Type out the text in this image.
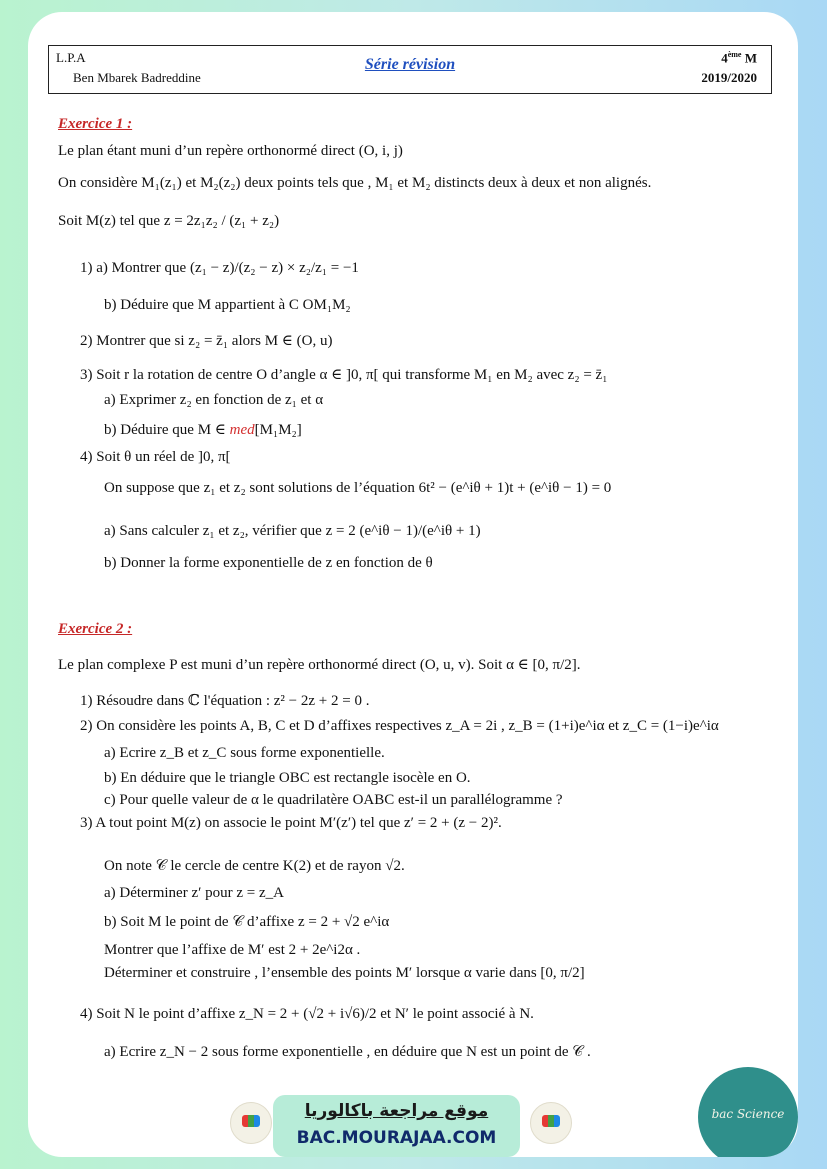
L.P.A
Ben Mbarek Badreddine
Série révision	4ème M
2019/2020
Exercice 1 :
Le plan étant muni d’un repère orthonormé direct (O, i, j)
On considère M₁(z₁) et M₂(z₂) deux points tels que , M₁ et M₂ distincts deux à deux et non alignés.
Soit M(z) tel que z = 2z₁z₂ / (z₁ + z₂)
1) a) Montrer que (z₁ − z)/(z₂ − z) × z₂/z₁ = −1
b) Déduire que M appartient à C OM₁M₂
2) Montrer que si z₂ = z̄₁ alors M ∈ (O, u)
3) Soit r la rotation de centre O d’angle α ∈ ]0, π[ qui transforme M₁ en M₂ avec z₂ = z̄₁
a) Exprimer z₂ en fonction de z₁ et α
b) Déduire que M ∈ med[M₁M₂]
4) Soit θ un réel de ]0, π[
On suppose que z₁ et z₂ sont solutions de l’équation 6t² − (e^iθ + 1)t + (e^iθ − 1) = 0
a) Sans calculer z₁ et z₂, vérifier que z = 2 (e^iθ − 1)/(e^iθ + 1)
b) Donner la forme exponentielle de z en fonction de θ
Exercice 2 :
Le plan complexe P est muni d’un repère orthonormé direct (O, u, v). Soit α ∈ [0, π/2].
1) Résoudre dans ℂ l'équation : z² − 2z + 2 = 0 .
2) On considère les points A, B, C et D d’affixes respectives z_A = 2i , z_B = (1+i)e^iα et z_C = (1−i)e^iα
a) Ecrire z_B et z_C sous forme exponentielle.
b) En déduire que le triangle OBC est rectangle isocèle en O.
c) Pour quelle valeur de α le quadrilatère OABC est-il un parallélogramme ?
3) A tout point M(z) on associe le point M′(z′) tel que z′ = 2 + (z − 2)².
On note 𝒞 le cercle de centre K(2) et de rayon √2.
a) Déterminer z′ pour z = z_A
b) Soit M le point de 𝒞 d’affixe z = 2 + √2 e^iα
Montrer que l’affixe de M′ est 2 + 2e^i2α .
Déterminer et construire , l’ensemble des points M′ lorsque α varie dans [0, π/2]
4) Soit N le point d’affixe z_N = 2 + (√2 + i√6)/2 et N′ le point associé à N.
a) Ecrire z_N − 2 sous forme exponentielle , en déduire que N est un point de 𝒞 .
موقع مراجعة باكالوريا
BAC.MOURAJAA.COM
bac Science
